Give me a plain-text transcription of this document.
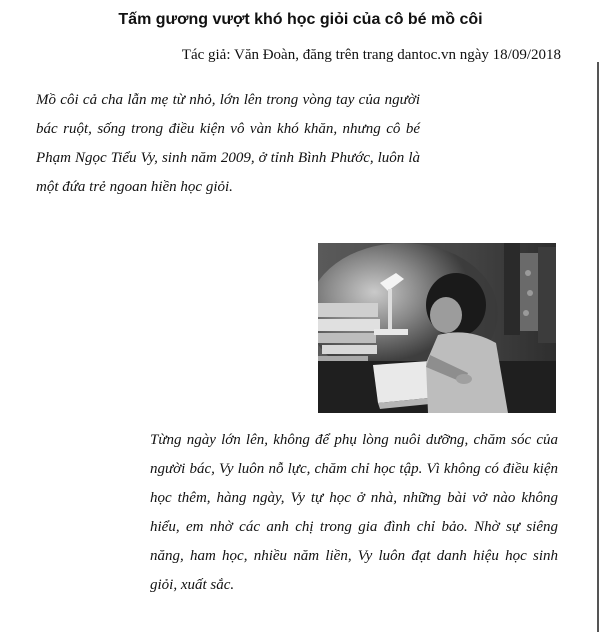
Tấm gương vượt khó học giỏi của cô bé mồ côi
Tác giả: Văn Đoàn, đăng trên trang dantoc.vn ngày 18/09/2018

Mồ côi cả cha lẫn mẹ từ nhỏ, lớn lên trong vòng tay của người bác ruột, sống trong điều kiện vô vàn khó khăn, nhưng cô bé Phạm Ngọc Tiểu Vy, sinh năm 2009, ở tỉnh Bình Phước, luôn là một đứa trẻ ngoan hiền học giỏi.

Từng ngày lớn lên, không để phụ lòng nuôi dưỡng, chăm sóc của người bác, Vy luôn nỗ lực, chăm chỉ học tập. Vì không có điều kiện học thêm, hàng ngày, Vy tự học ở nhà, những bài vở nào không hiểu, em nhờ các anh chị trong gia đình chỉ bảo. Nhờ sự siêng năng, ham học, nhiều năm liền, Vy luôn đạt danh hiệu học sinh giỏi, xuất sắc.
